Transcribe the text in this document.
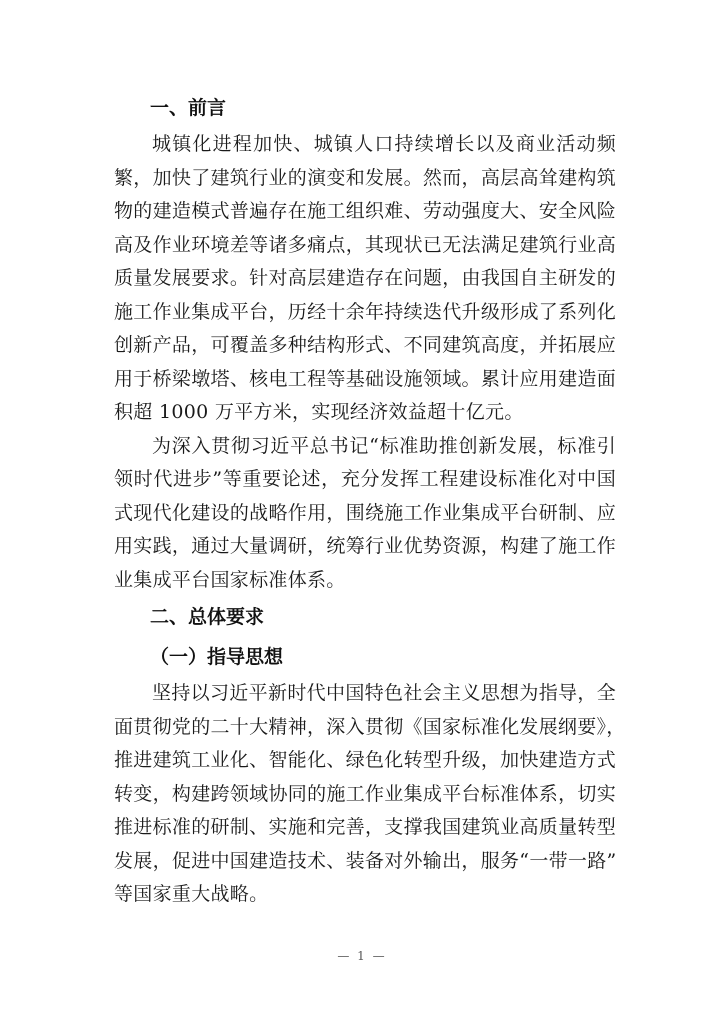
一、前言
城镇化进程加快、城镇人口持续增长以及商业活动频
繁，加快了建筑行业的演变和发展。然而，高层高耸建构筑
物的建造模式普遍存在施工组织难、劳动强度大、安全风险
高及作业环境差等诸多痛点，其现状已无法满足建筑行业高
质量发展要求。针对高层建造存在问题，由我国自主研发的
施工作业集成平台，历经十余年持续迭代升级形成了系列化
创新产品，可覆盖多种结构形式、不同建筑高度，并拓展应
用于桥梁墩塔、核电工程等基础设施领域。累计应用建造面
积超 1000 万平方米，实现经济效益超十亿元。
为深入贯彻习近平总书记“标准助推创新发展，标准引
领时代进步”等重要论述，充分发挥工程建设标准化对中国
式现代化建设的战略作用，围绕施工作业集成平台研制、应
用实践，通过大量调研，统筹行业优势资源，构建了施工作
业集成平台国家标准体系。
二、总体要求
（一）指导思想
坚持以习近平新时代中国特色社会主义思想为指导，全
面贯彻党的二十大精神，深入贯彻《国家标准化发展纲要》，
推进建筑工业化、智能化、绿色化转型升级，加快建造方式
转变，构建跨领域协同的施工作业集成平台标准体系，切实
推进标准的研制、实施和完善，支撑我国建筑业高质量转型
发展，促进中国建造技术、装备对外输出，服务“一带一路”
等国家重大战略。
— 1 —
